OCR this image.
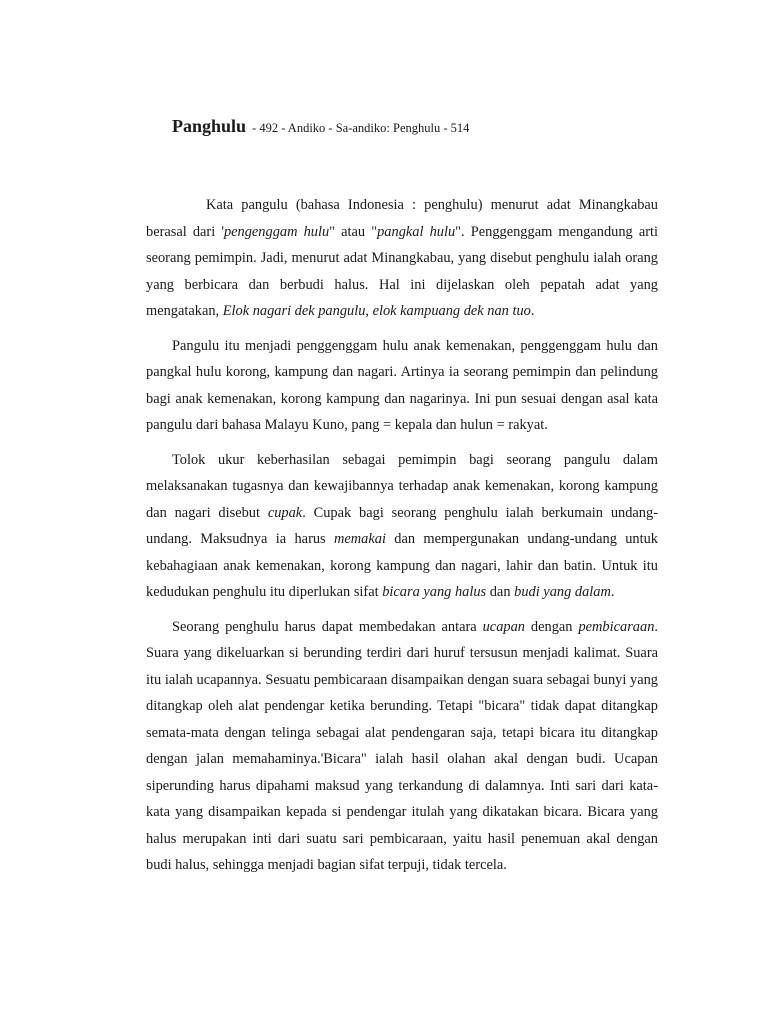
Panghulu - 492 - Andiko - Sa-andiko: Penghulu - 514

Kata pangulu (bahasa Indonesia : penghulu) menurut adat Minangkabau berasal dari 'pengenggam hulu" atau "pangkal hulu". Penggenggam mengandung arti seorang pemimpin. Jadi, menurut adat Minangkabau, yang disebut penghulu ialah orang yang berbicara dan berbudi halus. Hal ini dijelaskan oleh pepatah adat yang mengatakan, Elok nagari dek pangulu, elok kampuang dek nan tuo.

Pangulu itu menjadi penggenggam hulu anak kemenakan, penggenggam hulu dan pangkal hulu korong, kampung dan nagari. Artinya ia seorang pemimpin dan pelindung bagi anak kemenakan, korong kampung dan nagarinya. Ini pun sesuai dengan asal kata pangulu dari bahasa Malayu Kuno, pang = kepala dan hulun = rakyat.

Tolok ukur keberhasilan sebagai pemimpin bagi seorang pangulu dalam melaksanakan tugasnya dan kewajibannya terhadap anak kemenakan, korong kampung dan nagari disebut cupak. Cupak bagi seorang penghulu ialah berkumain undang-undang. Maksudnya ia harus memakai dan mempergunakan undang-undang untuk kebahagiaan anak kemenakan, korong kampung dan nagari, lahir dan batin. Untuk itu kedudukan penghulu itu diperlukan sifat bicara yang halus dan budi yang dalam.

Seorang penghulu harus dapat membedakan antara ucapan dengan pembicaraan. Suara yang dikeluarkan si berunding terdiri dari huruf tersusun menjadi kalimat. Suara itu ialah ucapannya. Sesuatu pembicaraan disampaikan dengan suara sebagai bunyi yang ditangkap oleh alat pendengar ketika berunding. Tetapi "bicara" tidak dapat ditangkap semata-mata dengan telinga sebagai alat pendengaran saja, tetapi bicara itu ditangkap dengan jalan memahaminya.'Bicara" ialah hasil olahan akal dengan budi. Ucapan siperunding harus dipahami maksud yang terkandung di dalamnya. Inti sari dari kata-kata yang disampaikan kepada si pendengar itulah yang dikatakan bicara. Bicara yang halus merupakan inti dari suatu sari pembicaraan, yaitu hasil penemuan akal dengan budi halus, sehingga menjadi bagian sifat terpuji, tidak tercela.
